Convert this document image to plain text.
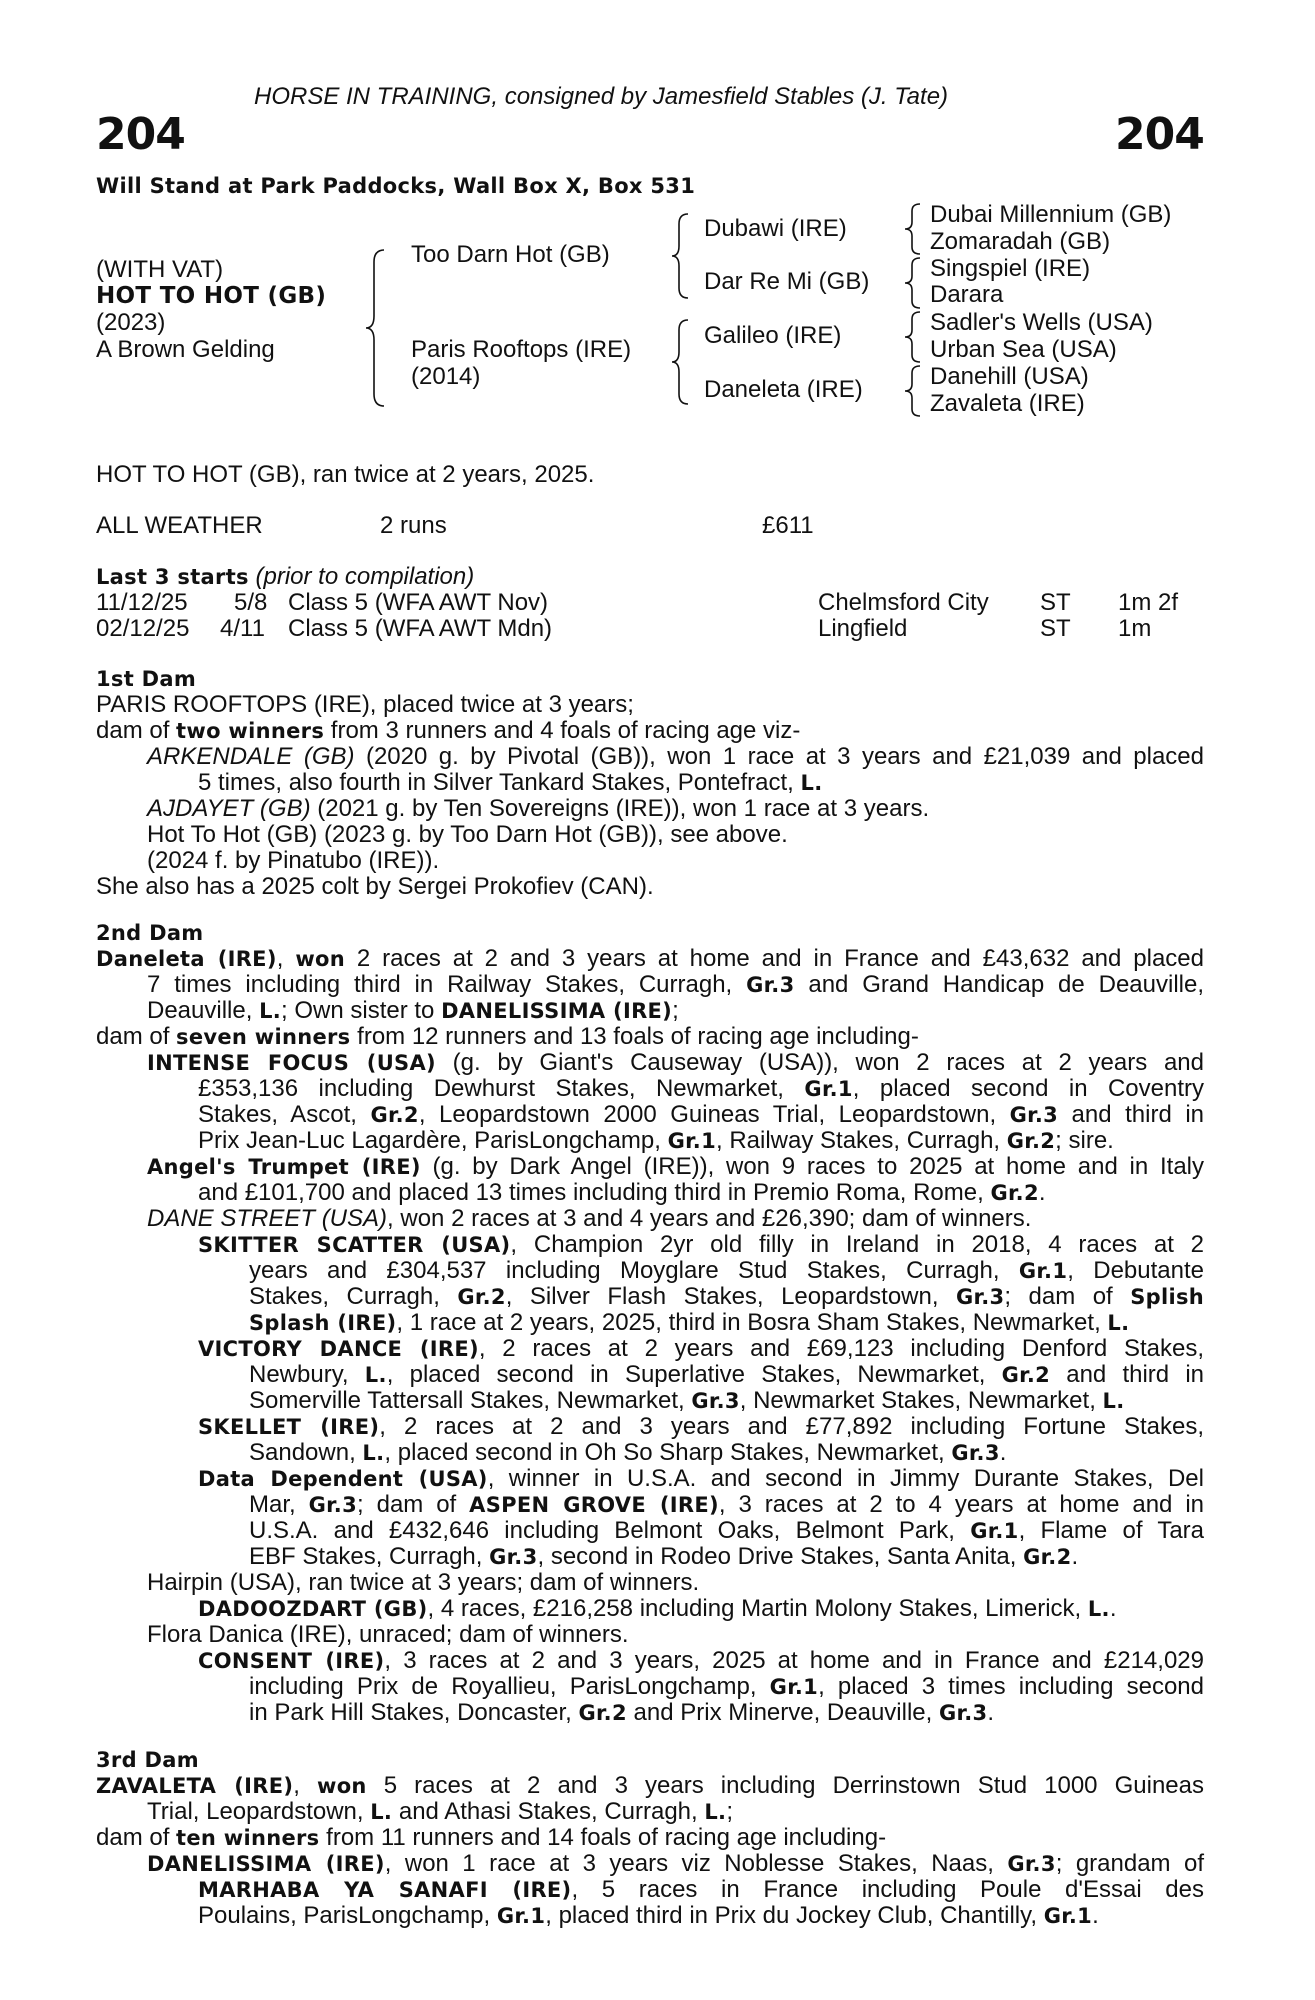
HORSE IN TRAINING, consigned by Jamesfield Stables (J. Tate)
204	204
Will Stand at Park Paddocks, Wall Box X, Box 531
(WITH VAT)
HOT TO HOT (GB)
(2023)
A Brown Gelding
Too Darn Hot (GB)
Paris Rooftops (IRE)
(2014)
Dubawi (IRE)
Dar Re Mi (GB)
Galileo (IRE)
Daneleta (IRE)
Dubai Millennium (GB)
Zomaradah (GB)
Singspiel (IRE)
Darara
Sadler's Wells (USA)
Urban Sea (USA)
Danehill (USA)
Zavaleta (IRE)
HOT TO HOT (GB), ran twice at 2 years, 2025.
ALL WEATHER	2 runs	£611
Last 3 starts (prior to compilation)
11/12/25 5/8 Class 5 (WFA AWT Nov)	Chelmsford City ST 1m 2f
02/12/25 4/11 Class 5 (WFA AWT Mdn)	Lingfield	ST 1m
1st Dam
PARIS ROOFTOPS (IRE), placed twice at 3 years;
dam of two winners from 3 runners and 4 foals of racing age viz-
ARKENDALE (GB) (2020 g. by Pivotal (GB)), won 1 race at 3 years and £21,039 and placed
5 times, also fourth in Silver Tankard Stakes, Pontefract, L.
AJDAYET (GB) (2021 g. by Ten Sovereigns (IRE)), won 1 race at 3 years.
Hot To Hot (GB) (2023 g. by Too Darn Hot (GB)), see above.
(2024 f. by Pinatubo (IRE)).
She also has a 2025 colt by Sergei Prokofiev (CAN).
2nd Dam
Daneleta (IRE), won 2 races at 2 and 3 years at home and in France and £43,632 and placed
7 times including third in Railway Stakes, Curragh, Gr.3 and Grand Handicap de Deauville,
Deauville, L.; Own sister to DANELISSIMA (IRE);
dam of seven winners from 12 runners and 13 foals of racing age including-
INTENSE FOCUS (USA) (g. by Giant's Causeway (USA)), won 2 races at 2 years and
£353,136 including Dewhurst Stakes, Newmarket, Gr.1, placed second in Coventry
Stakes, Ascot, Gr.2, Leopardstown 2000 Guineas Trial, Leopardstown, Gr.3 and third in
Prix Jean-Luc Lagardère, ParisLongchamp, Gr.1, Railway Stakes, Curragh, Gr.2; sire.
Angel's Trumpet (IRE) (g. by Dark Angel (IRE)), won 9 races to 2025 at home and in Italy
and £101,700 and placed 13 times including third in Premio Roma, Rome, Gr.2.
DANE STREET (USA), won 2 races at 3 and 4 years and £26,390; dam of winners.
SKITTER SCATTER (USA), Champion 2yr old filly in Ireland in 2018, 4 races at 2
years and £304,537 including Moyglare Stud Stakes, Curragh, Gr.1, Debutante
Stakes, Curragh, Gr.2, Silver Flash Stakes, Leopardstown, Gr.3; dam of Splish
Splash (IRE), 1 race at 2 years, 2025, third in Bosra Sham Stakes, Newmarket, L.
VICTORY DANCE (IRE), 2 races at 2 years and £69,123 including Denford Stakes,
Newbury, L., placed second in Superlative Stakes, Newmarket, Gr.2 and third in
Somerville Tattersall Stakes, Newmarket, Gr.3, Newmarket Stakes, Newmarket, L.
SKELLET (IRE), 2 races at 2 and 3 years and £77,892 including Fortune Stakes,
Sandown, L., placed second in Oh So Sharp Stakes, Newmarket, Gr.3.
Data Dependent (USA), winner in U.S.A. and second in Jimmy Durante Stakes, Del
Mar, Gr.3; dam of ASPEN GROVE (IRE), 3 races at 2 to 4 years at home and in
U.S.A. and £432,646 including Belmont Oaks, Belmont Park, Gr.1, Flame of Tara
EBF Stakes, Curragh, Gr.3, second in Rodeo Drive Stakes, Santa Anita, Gr.2.
Hairpin (USA), ran twice at 3 years; dam of winners.
DADOOZDART (GB), 4 races, £216,258 including Martin Molony Stakes, Limerick, L..
Flora Danica (IRE), unraced; dam of winners.
CONSENT (IRE), 3 races at 2 and 3 years, 2025 at home and in France and £214,029
including Prix de Royallieu, ParisLongchamp, Gr.1, placed 3 times including second
in Park Hill Stakes, Doncaster, Gr.2 and Prix Minerve, Deauville, Gr.3.
3rd Dam
ZAVALETA (IRE), won 5 races at 2 and 3 years including Derrinstown Stud 1000 Guineas
Trial, Leopardstown, L. and Athasi Stakes, Curragh, L.;
dam of ten winners from 11 runners and 14 foals of racing age including-
DANELISSIMA (IRE), won 1 race at 3 years viz Noblesse Stakes, Naas, Gr.3; grandam of
MARHABA YA SANAFI (IRE), 5 races in France including Poule d'Essai des
Poulains, ParisLongchamp, Gr.1, placed third in Prix du Jockey Club, Chantilly, Gr.1.
